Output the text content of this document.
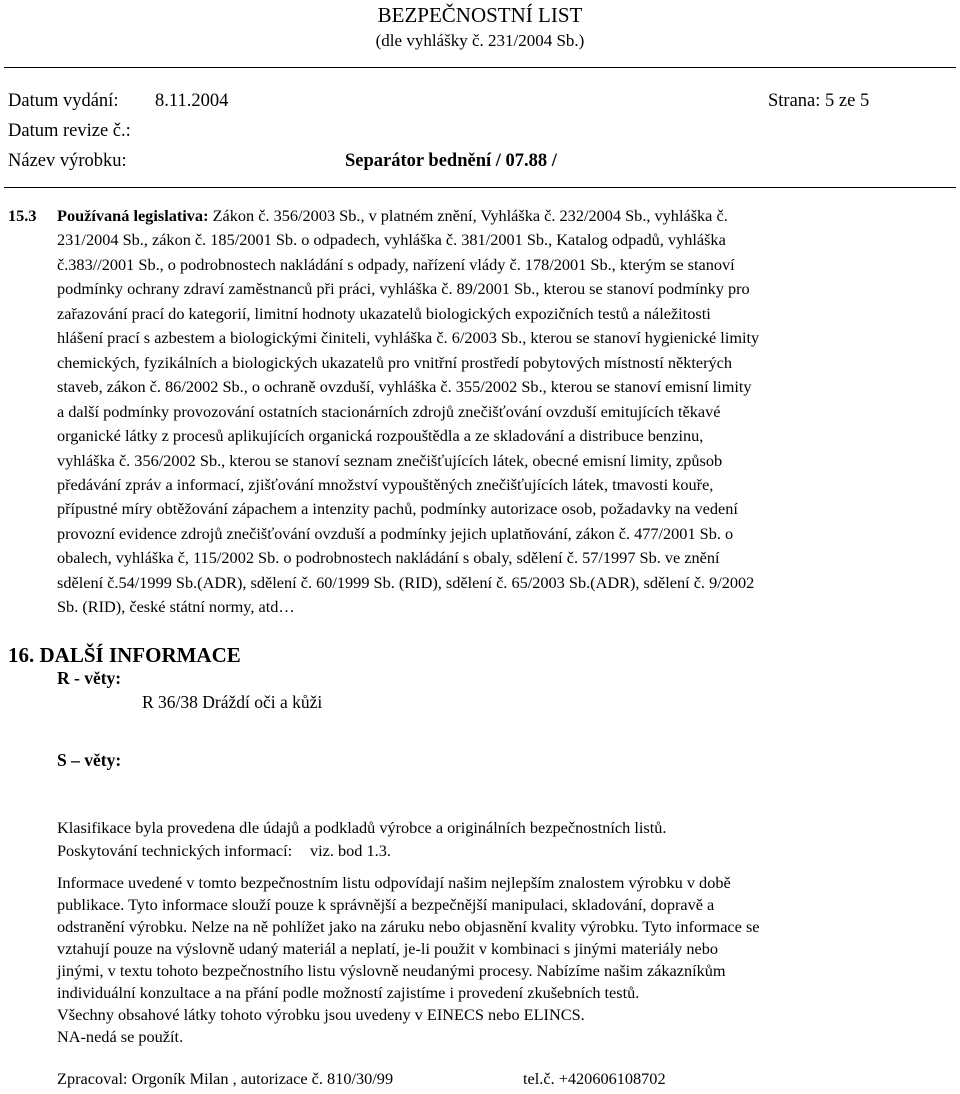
BEZPEČNOSTNÍ LIST
(dle vyhlášky č. 231/2004 Sb.)
Datum vydání: 8.11.2004	Strana: 5 ze 5
Datum revize č.:
Název výrobku:	Separátor bednění / 07.88 /
15.3 Používaná legislativa: Zákon č. 356/2003 Sb., v platném znění, Vyhláška č. 232/2004 Sb., vyhláška č.
231/2004 Sb., zákon č. 185/2001 Sb. o odpadech, vyhláška č. 381/2001 Sb., Katalog odpadů, vyhláška
č.383//2001 Sb., o podrobnostech nakládání s odpady, nařízení vlády č. 178/2001 Sb., kterým se stanoví
podmínky ochrany zdraví zaměstnanců při práci, vyhláška č. 89/2001 Sb., kterou se stanoví podmínky pro
zařazování prací do kategorií, limitní hodnoty ukazatelů biologických expozičních testů a náležitosti
hlášení prací s azbestem a biologickými činiteli, vyhláška č. 6/2003 Sb., kterou se stanoví hygienické limity
chemických, fyzikálních a biologických ukazatelů pro vnitřní prostředí pobytových místností některých
staveb, zákon č. 86/2002 Sb., o ochraně ovzduší, vyhláška č. 355/2002 Sb., kterou se stanoví emisní limity
a další podmínky provozování ostatních stacionárních zdrojů znečišťování ovzduší emitujících těkavé
organické látky z procesů aplikujících organická rozpouštědla a ze skladování a distribuce benzinu,
vyhláška č. 356/2002 Sb., kterou se stanoví seznam znečišťujících látek, obecné emisní limity, způsob
předávání zpráv a informací, zjišťování množství vypouštěných znečišťujících látek, tmavosti kouře,
přípustné míry obtěžování zápachem a intenzity pachů, podmínky autorizace osob, požadavky na vedení
provozní evidence zdrojů znečišťování ovzduší a podmínky jejich uplatňování, zákon č. 477/2001 Sb. o
obalech, vyhláška č, 115/2002 Sb. o podrobnostech nakládání s obaly, sdělení č. 57/1997 Sb. ve znění
sdělení č.54/1999 Sb.(ADR), sdělení č. 60/1999 Sb. (RID), sdělení č. 65/2003 Sb.(ADR), sdělení č. 9/2002
Sb. (RID), české státní normy, atd…
16. DALŠÍ INFORMACE
R - věty:
R 36/38 Dráždí oči a kůži
S – věty:
Klasifikace byla provedena dle údajů a podkladů výrobce a originálních bezpečnostních listů.
Poskytování technických informací:	viz. bod 1.3.
Informace uvedené v tomto bezpečnostním listu odpovídají našim nejlepším znalostem výrobku v době
publikace. Tyto informace slouží pouze k správnější a bezpečnější manipulaci, skladování, dopravě a
odstranění výrobku. Nelze na ně pohlížet jako na záruku nebo objasnění kvality výrobku. Tyto informace se
vztahují pouze na výslovně udaný materiál a neplatí, je-li použit v kombinaci s jinými materiály nebo
jinými, v textu tohoto bezpečnostního listu výslovně neudanými procesy. Nabízíme našim zákazníkům
individuální konzultace a na přání podle možností zajistíme i provedení zkušebních testů.
Všechny obsahové látky tohoto výrobku jsou uvedeny v EINECS nebo ELINCS.
NA-nedá se použít.
Zpracoval: Orgoník Milan , autorizace č. 810/30/99	tel.č. +420606108702
